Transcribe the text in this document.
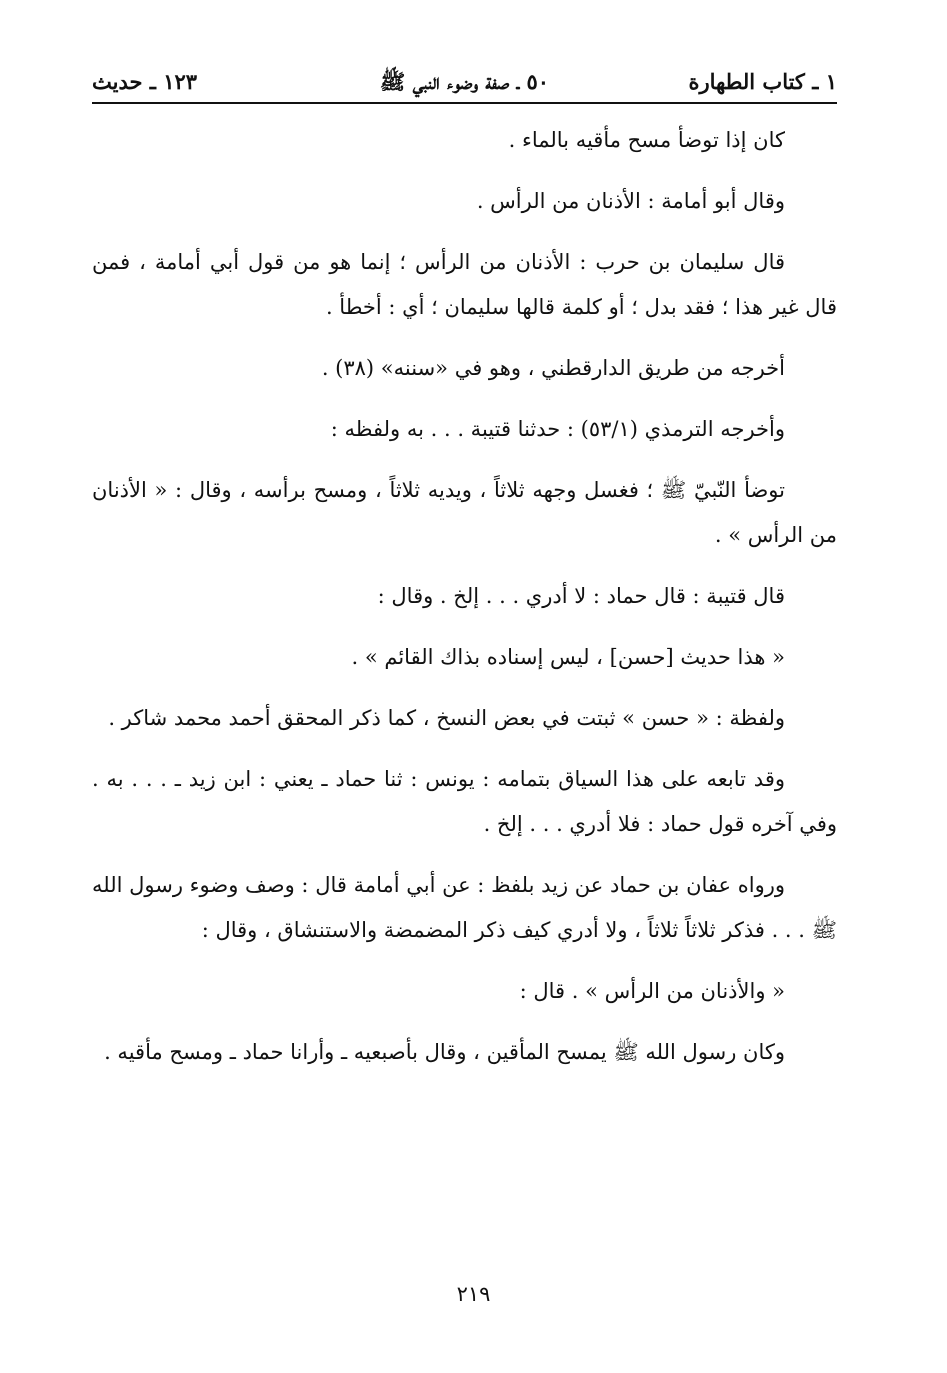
١ ـ كتاب الطهارة
٥٠ ـ صفة وضوء النبي ﷺ
١٢٣ ـ حديث

كان إذا توضأ مسح مأقيه بالماء .

وقال أبو أمامة : الأذنان من الرأس .

قال سليمان بن حرب : الأذنان من الرأس ؛ إنما هو من قول أبي أمامة ، فمن قال غير هذا ؛ فقد بدل ؛ أو كلمة قالها سليمان ؛ أي : أخطأ .

أخرجه من طريق الدارقطني ، وهو في «سننه» (٣٨) .

وأخرجه الترمذي (٥٣/١) : حدثنا قتيبة . . . به ولفظه :

توضأ النّبيّ ﷺ ؛ فغسل وجهه ثلاثاً ، ويديه ثلاثاً ، ومسح برأسه ، وقال : « الأذنان من الرأس » .

قال قتيبة : قال حماد : لا أدري . . . إلخ . وقال :

« هذا حديث [حسن] ، ليس إسناده بذاك القائم » .

ولفظة : « حسن » ثبتت في بعض النسخ ، كما ذكر المحقق أحمد محمد شاكر .

وقد تابعه على هذا السياق بتمامه : يونس : ثنا حماد ـ يعني : ابن زيد ـ . . . به . وفي آخره قول حماد : فلا أدري . . . إلخ .

ورواه عفان بن حماد عن زيد بلفظ : عن أبي أمامة قال : وصف وضوء رسول الله ﷺ . . . فذكر ثلاثاً ثلاثاً ، ولا أدري كيف ذكر المضمضة والاستنشاق ، وقال :

« والأذنان من الرأس » . قال :

وكان رسول الله ﷺ يمسح المأقين ، وقال بأصبعيه ـ وأرانا حماد ـ ومسح مأقيه .

٢١٩
